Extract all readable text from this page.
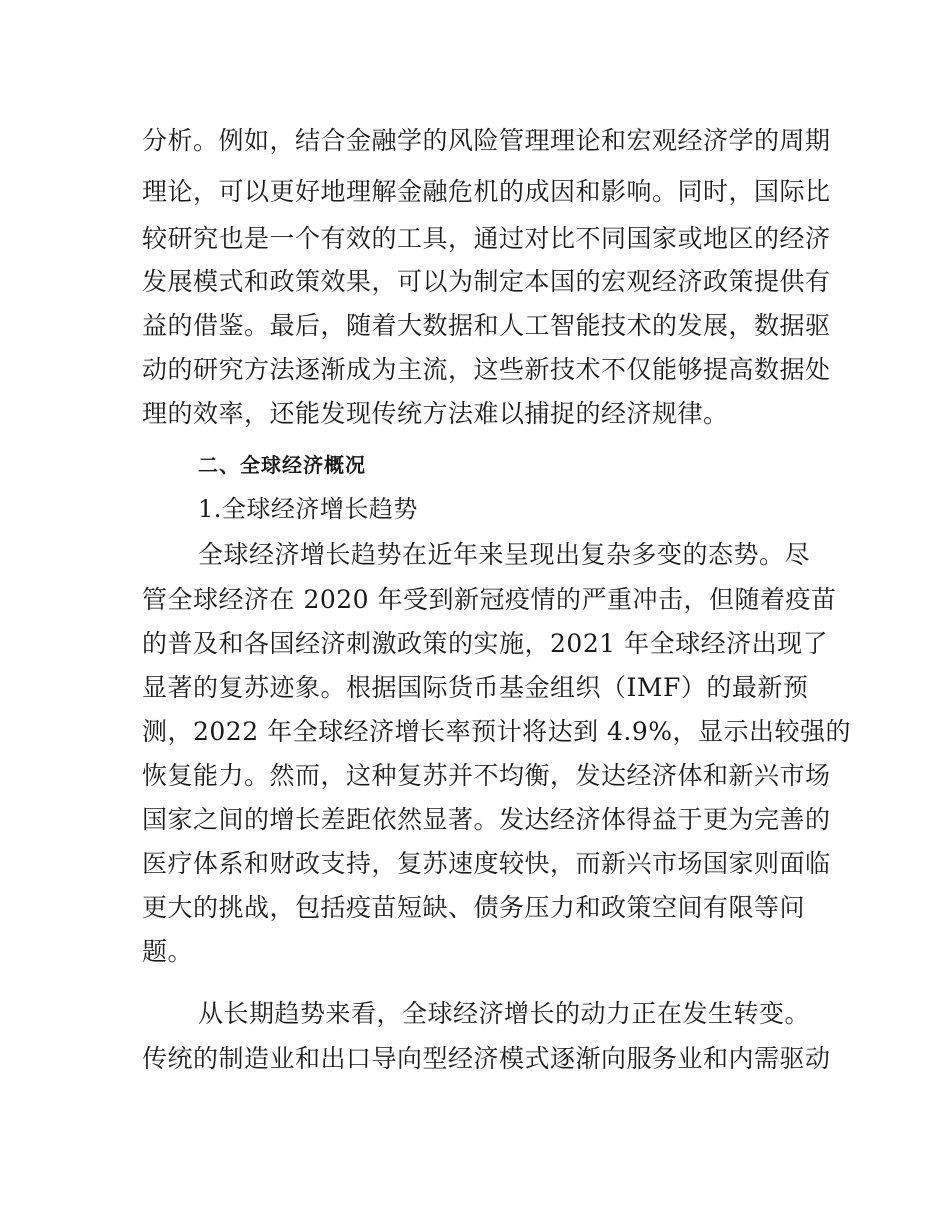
分析。例如，结合金融学的风险管理理论和宏观经济学的周期
理论，可以更好地理解金融危机的成因和影响。同时，国际比
较研究也是一个有效的工具，通过对比不同国家或地区的经济
发展模式和政策效果，可以为制定本国的宏观经济政策提供有
益的借鉴。最后，随着大数据和人工智能技术的发展，数据驱
动的研究方法逐渐成为主流，这些新技术不仅能够提高数据处
理的效率，还能发现传统方法难以捕捉的经济规律。
二、全球经济概况
1.全球经济增长趋势
全球经济增长趋势在近年来呈现出复杂多变的态势。尽
管全球经济在 2020 年受到新冠疫情的严重冲击，但随着疫苗
的普及和各国经济刺激政策的实施，2021 年全球经济出现了
显著的复苏迹象。根据国际货币基金组织（IMF）的最新预
测，2022 年全球经济增长率预计将达到 4.9%，显示出较强的
恢复能力。然而，这种复苏并不均衡，发达经济体和新兴市场
国家之间的增长差距依然显著。发达经济体得益于更为完善的
医疗体系和财政支持，复苏速度较快，而新兴市场国家则面临
更大的挑战，包括疫苗短缺、债务压力和政策空间有限等问
题。
从长期趋势来看，全球经济增长的动力正在发生转变。
传统的制造业和出口导向型经济模式逐渐向服务业和内需驱动
